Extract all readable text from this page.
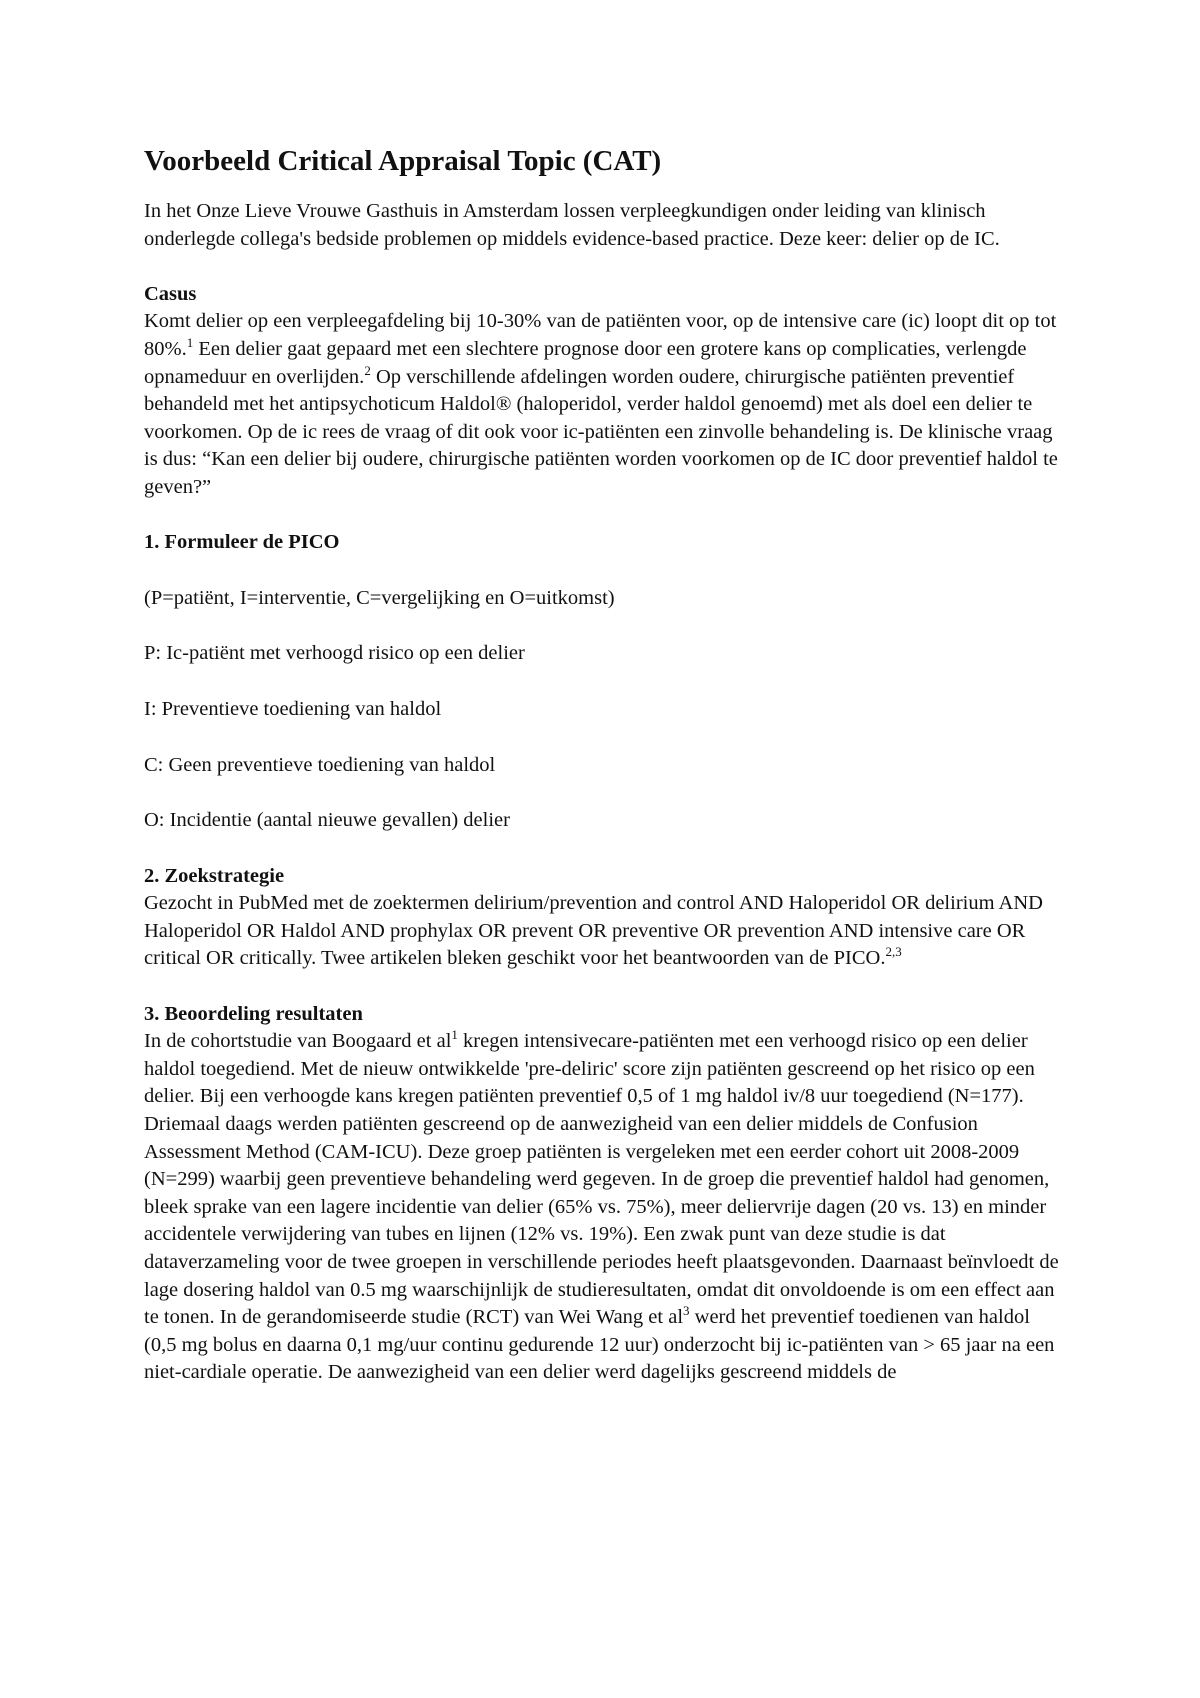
Voorbeeld Critical Appraisal Topic (CAT)

In het Onze Lieve Vrouwe Gasthuis in Amsterdam lossen verpleegkundigen onder leiding van klinisch onderlegde collega's bedside problemen op middels evidence-based practice. Deze keer: delier op de IC.

Casus

Komt delier op een verpleegafdeling bij 10-30% van de patiënten voor, op de intensive care (ic) loopt dit op tot 80%.$^1$ Een delier gaat gepaard met een slechtere prognose door een grotere kans op complicaties, verlengde opnameduur en overlijden.$^2$ Op verschillende afdelingen worden oudere, chirurgische patiënten preventief behandeld met het antipsychoticum Haldol® (haloperidol, verder haldol genoemd) met als doel een delier te voorkomen. Op de ic rees de vraag of dit ook voor ic-patiënten een zinvolle behandeling is. De klinische vraag is dus: “Kan een delier bij oudere, chirurgische patiënten worden voorkomen op de IC door preventief haldol te geven?”

1. Formuleer de PICO

(P=patiënt, I=interventie, C=vergelijking en O=uitkomst)

P: Ic-patiënt met verhoogd risico op een delier

I: Preventieve toediening van haldol

C: Geen preventieve toediening van haldol

O: Incidentie (aantal nieuwe gevallen) delier

2. Zoekstrategie

Gezocht in PubMed met de zoektermen delirium/prevention and control AND Haloperidol OR delirium AND Haloperidol OR Haldol AND prophylax OR prevent OR preventive OR prevention AND intensive care OR critical OR critically. Twee artikelen bleken geschikt voor het beantwoorden van de PICO.$^{2,3}$

3. Beoordeling resultaten

In de cohortstudie van Boogaard et $al^1$ kregen intensivecare-patiënten met een verhoogd risico op een delier haldol toegediend. Met de nieuw ontwikkelde 'pre-deliric' score zijn patiënten gescreend op het risico op een delier. Bij een verhoogde kans kregen patiënten preventief 0,5 of 1 mg haldol iv/8 uur toegediend (N=177). Driemaal daags werden patiënten gescreend op de aanwezigheid van een delier middels de Confusion Assessment Method (CAM-ICU). Deze groep patiënten is vergeleken met een eerder cohort uit 2008-2009 (N=299) waarbij geen preventieve behandeling werd gegeven. In de groep die preventief haldol had genomen, bleek sprake van een lagere incidentie van delier (65% vs. 75%), meer deliervrije dagen (20 vs. 13) en minder accidentele verwijdering van tubes en lijnen (12% vs. 19%). Een zwak punt van deze studie is dat dataverzameling voor de twee groepen in verschillende periodes heeft plaatsgevonden. Daarnaast beïnvloedt de lage dosering haldol van 0.5 mg waarschijnlijk de studieresultaten, omdat dit onvoldoende is om een effect aan te tonen. In de gerandomiseerde studie (RCT) van Wei Wang et $al^3$ werd het preventief toedienen van haldol (0,5 mg bolus en daarna 0,1 mg/uur continu gedurende 12 uur) onderzocht bij ic-patiënten van > 65 jaar na een niet-cardiale operatie. De aanwezigheid van een delier werd dagelijks gescreend middels de
